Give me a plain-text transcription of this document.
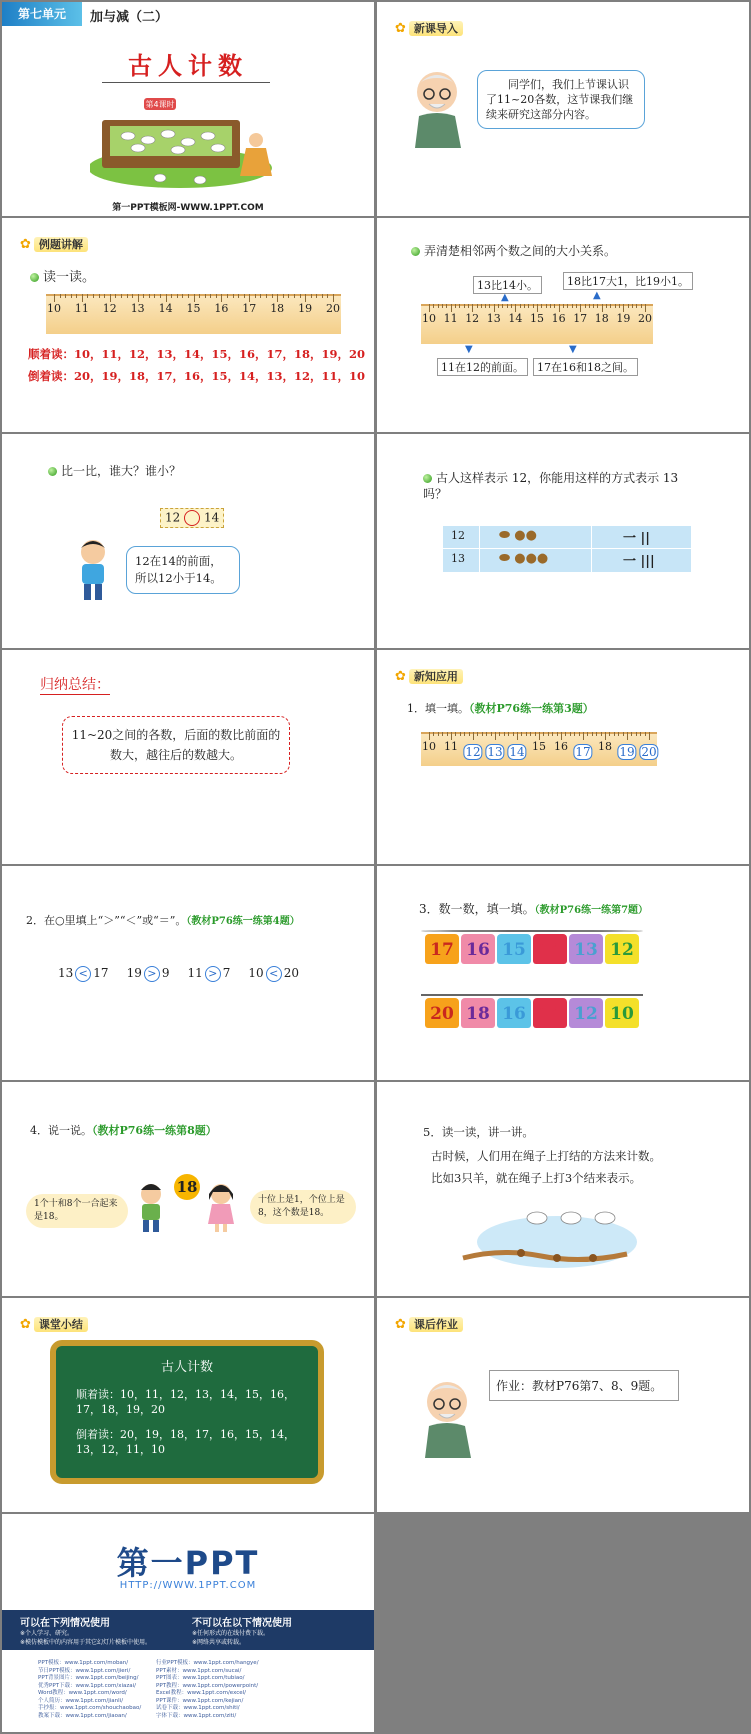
第七单元	加与减（二）
古人计数
第4课时
第一PPT模板网-WWW.1PPT.COM
✿ 新课导入
同学们，我们上节课认识了11~20各数，这节课我们继续来研究这部分内容。
✿ 例题讲解
读一读。
10 11 12 13 14 15 16 17 18 19 20
顺着读：10，11，12，13，14，15，16，17，18，19，20
倒着读：20，19，18，17，16，15，14，13，12，11，10
弄清楚相邻两个数之间的大小关系。
13比14小。	18比17大1，比19小1。
▲	▲
10 11 12 13 14 15 16 17 18 19 20
▼	▼
11在12的前面。	17在16和18之间。
比一比，谁大？谁小？
12 14
12在14的前面，所以12小于14。
古人这样表示 12，你能用这样的方式表示 13 吗？
12	⬬ ●●	一 ||
13	⬬ ●●●	一 |||
归纳总结：
11~20之间的各数，后面的数比前面的数大，越往后的数越大。
✿ 新知应用
1．填一填。（教材P76练一练第3题）
10 11 12 13 14 15 16 17 18 19 20
2．在○里填上“＞”“＜”或“＝”。（教材P76练一练第4题）
13 < 17 19 > 9 11 > 7 10 < 20
3．数一数，填一填。（教材P76练一练第7题）
17 16 15 14 13 12
20 18 16 14 12 10
4．说一说。（教材P76练一练第8题）
1个十和8个一合起来是18。
18
十位上是1，个位上是8，这个数是18。
5．读一读，讲一讲。
古时候，人们用在绳子上打结的方法来计数。
比如3只羊，就在绳子上打3个结来表示。
✿ 课堂小结
古人计数
顺着读：10，11，12，13，14，15，16，17，18，19，20
倒着读：20，19，18，17，16，15，14，13，12，11，10
✿ 课后作业
作业：教材P76第7、8、9题。
第一PPT
HTTP://WWW.1PPT.COM
可以在下列情况使用
※个人学习、研究。
※模仿模板中的内容用于其它幻灯片模板中使用。
不可以在以下情况使用
※任何形式的在线付费下载。
※网络共享或转载。
PPT模板：www.1ppt.com/moban/
节日PPT模板：www.1ppt.com/jieri/
PPT背景图片：www.1ppt.com/beijing/
优秀PPT下载：www.1ppt.com/xiazai/
Word教程：www.1ppt.com/word/
个人简历：www.1ppt.com/jianli/
手抄报：www.1ppt.com/shouchaobao/
教案下载：www.1ppt.com/jiaoan/
行业PPT模板：www.1ppt.com/hangye/
PPT素材：www.1ppt.com/sucai/
PPT图表：www.1ppt.com/tubiao/
PPT教程：www.1ppt.com/powerpoint/
Excel教程：www.1ppt.com/excel/
PPT课件：www.1ppt.com/kejian/
试卷下载：www.1ppt.com/shiti/
字体下载：www.1ppt.com/ziti/
